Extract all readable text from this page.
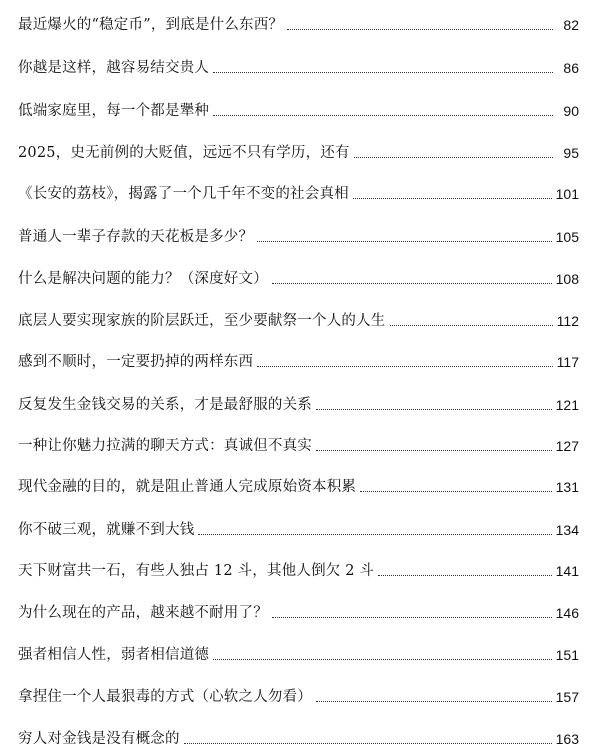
最近爆火的“稳定币”，到底是什么东西？	82
你越是这样，越容易结交贵人	86
低端家庭里，每一个都是犟种	90
2025，史无前例的大贬值，远远不只有学历，还有	95
《长安的荔枝》，揭露了一个几千年不变的社会真相	101
普通人一辈子存款的天花板是多少？	105
什么是解决问题的能力？（深度好文）	108
底层人要实现家族的阶层跃迁，至少要献祭一个人的人生	112
感到不顺时，一定要扔掉的两样东西	117
反复发生金钱交易的关系，才是最舒服的关系	121
一种让你魅力拉满的聊天方式：真诚但不真实	127
现代金融的目的，就是阻止普通人完成原始资本积累	131
你不破三观，就赚不到大钱	134
天下财富共一石，有些人独占 12 斗，其他人倒欠 2 斗	141
为什么现在的产品，越来越不耐用了？	146
强者相信人性，弱者相信道德	151
拿捏住一个人最狠毒的方式（心软之人勿看）	157
穷人对金钱是没有概念的	163
